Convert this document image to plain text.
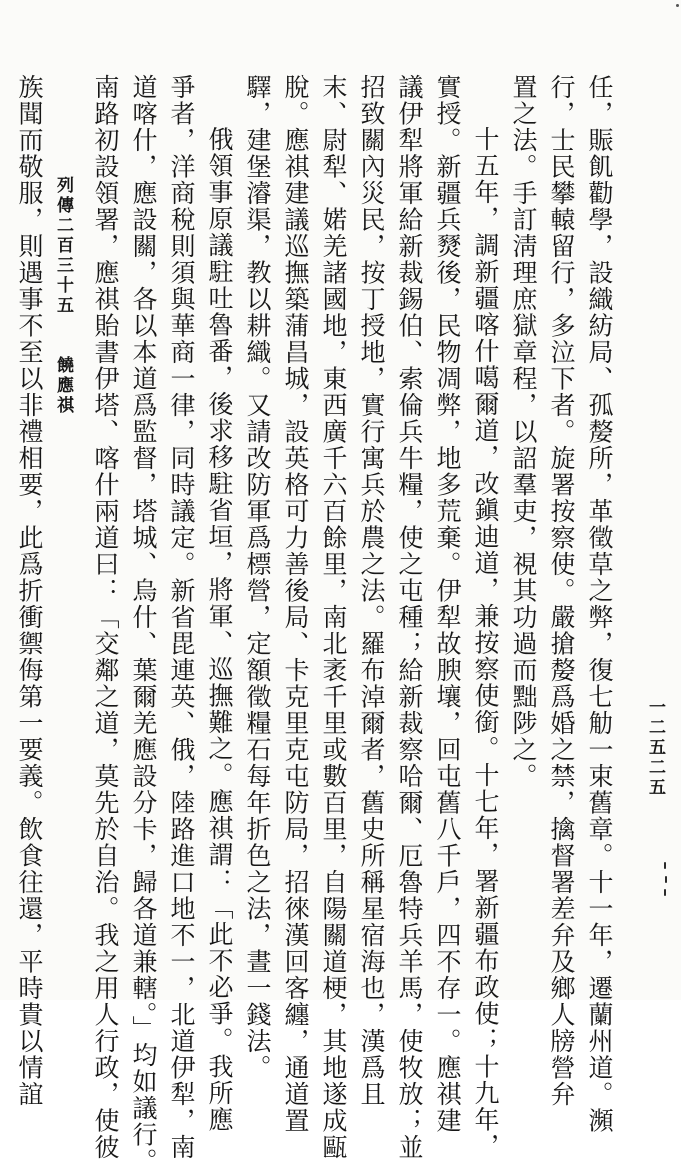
列傳二百三十五　　饒應祺	任，賑飢勸學，設織紡局、孤嫠所，革徵草之弊，復七觔一束舊章。十一年，遷蘭州道。瀕
行，士民攀轅留行，多泣下者。旋署按察使。嚴搶嫠爲婚之禁，擒督署差弁及鄉人牓營弁
置之法。手訂淸理庶獄章程，以詔羣吏，視其功過而黜陟之。
十五年，調新疆喀什噶爾道，改鎭迪道，兼按察使銜。十七年，署新疆布政使；十九年，
實授。新疆兵燹後，民物凋弊，地多荒棄。伊犁故腴壤，回屯舊八千戶，四不存一。應祺建
議伊犁將軍給新裁錫伯、索倫兵牛糧，使之屯種；給新裁察哈爾、厄魯特兵羊馬，使牧放；並
招致關內災民，按丁授地，實行寓兵於農之法。羅布淖爾者，舊史所稱星宿海也，漢爲且
末、尉犁、婼羌諸國地，東西廣千六百餘里，南北袤千里或數百里，自陽關道梗，其地遂成甌
脫。應祺建議巡撫築蒲昌城，設英格可力善後局、卡克里克屯防局，招徠漢回客纏，通道置
驛，建堡濬渠，教以耕織。又請改防軍爲標營，定額徵糧石每年折色之法，晝一錢法。
俄領事原議駐吐魯番，後求移駐省垣，將軍、巡撫難之。應祺謂：「此不必爭。我所應
爭者，洋商稅則須與華商一律，同時議定。新省毘連英、俄，陸路進口地不一，北道伊犁，南
道喀什，應設關，各以本道爲監督，塔城、烏什、葉爾羌應設分卡，歸各道兼轄。」均如議行。
南路初設領署，應祺貽書伊塔、喀什兩道曰：「交鄰之道，莫先於自治。我之用人行政，使彼	一二五二五
族聞而敬服，則遇事不至以非禮相要，此爲折衝禦侮第一要義。飲食往還，平時貴以情誼
